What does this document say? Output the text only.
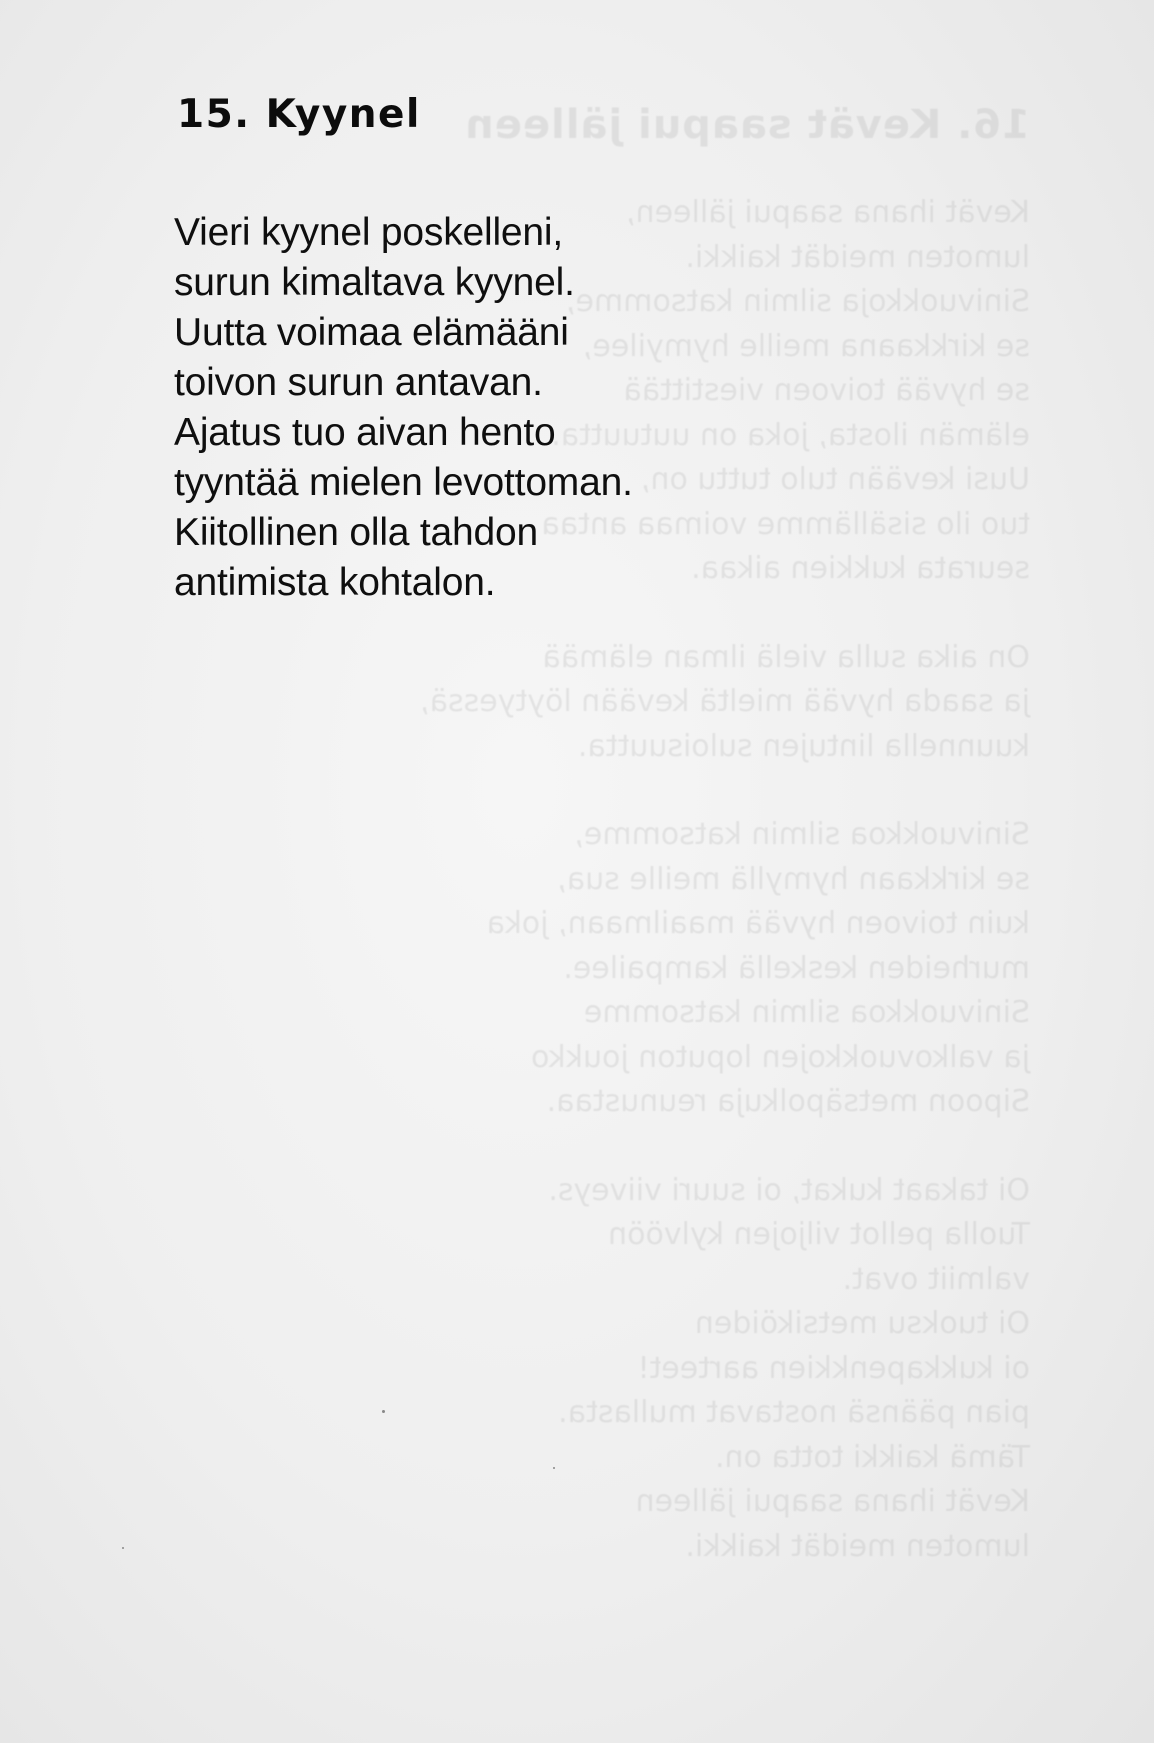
16. Kevät saapui jälleen
Kevät ihana saapui jälleen,
lumoten meidät kaikki.
Sinivuokkoja silmin katsomme,
se kirkkaana meille hymyilee,
se hyvää toivoen viestittää
elämän ilosta, joka on uutuutta.
Uusi kevään tulo tuttu on,
tuo ilo sisällämme voimaa antaa
seurata kukkien aikaa.
On aika sulla vielä ilman elämää
ja saada hyvää mieltä kevään löytyessä,
kuunnella lintujen suloisuutta.
Sinivuokkoa silmin katsomme,
se kirkkaan hymyllä meille sua,
kuin toivoen hyvää maailmaan, joka
murheiden keskellä kampailee.
Sinivuokkoa silmin katsomme
ja valkovuokkojen loputon joukko
Sipoon metsäpolkuja reunustaa.
Oi takaat kukat, oi suuri viiveys.
Tuolla pellot viljojen kylvöön
valmiit ovat.
Oi tuoksu metsiköiden
oi kukkapenkkien aarteet!
pian päänsä nostavat mullasta.
Tämä kaikki totta on.
Kevät ihana saapui jälleen
lumoten meidät kaikki.
15. Kyynel
Vieri kyynel poskelleni,
surun kimaltava kyynel.
Uutta voimaa elämääni
toivon surun antavan.
Ajatus tuo aivan hento
tyyntää mielen levottoman.
Kiitollinen olla tahdon
antimista kohtalon.
